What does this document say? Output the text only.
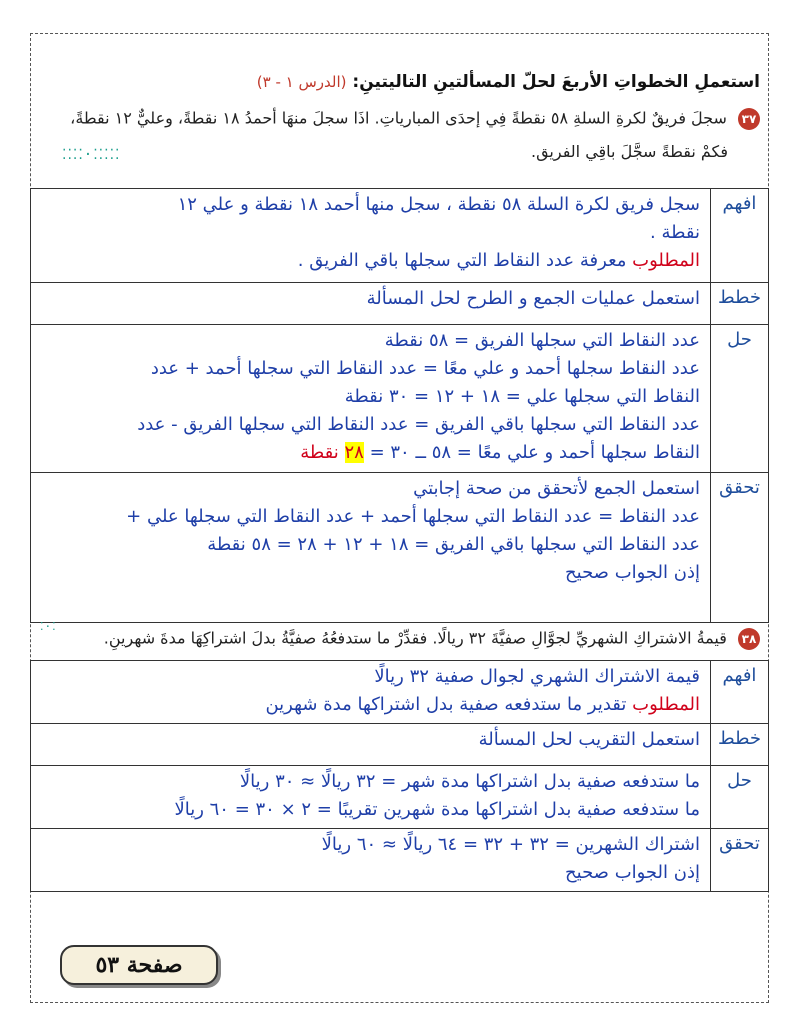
استعملِ الخطواتِ الأربعَ لحلّ المسألتينِ التاليتينِ: (الدرس ١ - ٣)
٣٧ سجلَ فريقٌ لكرةِ السلةِ ٥٨ نقطةً فِي إحدَى المبارياتِ. اذَا سجلَ منهَا أحمدُ ١٨ نقطةً، وعليٌّ ١٢ نقطةً،
فكمْ نقطةً سجَّلَ باقِي الفريق.
⁚⁚⁚⁚⁚·⁚⁚⁚⁚
افهم	سجل فريق لكرة السلة ٥٨ نقطة ، سجل منها أحمد ١٨ نقطة و علي ١٢
نقطة .
المطلوب معرفة عدد النقاط التي سجلها باقي الفريق .

خطط	استعمل عمليات الجمع و الطرح لحل المسألة
حل	عدد النقاط التي سجلها الفريق = ٥٨ نقطة
عدد النقاط سجلها أحمد و علي معًا = عدد النقاط التي سجلها أحمد + عدد
النقاط التي سجلها علي = ١٨ + ١٢ = ٣٠ نقطة
عدد النقاط التي سجلها باقي الفريق = عدد النقاط التي سجلها الفريق - عدد
النقاط سجلها أحمد و علي معًا = ٥٨ ــ ٣٠ = ٢٨ نقطة

تحقق	استعمل الجمع لأتحقق من صحة إجابتي
عدد النقاط = عدد النقاط التي سجلها أحمد + عدد النقاط التي سجلها علي +
عدد النقاط التي سجلها باقي الفريق = ١٨ + ١٢ + ٢٨ = ٥٨ نقطة
إذن الجواب صحيح
٣٨ قيمةُ الاشتراكِ الشهريِّ لجوَّالِ صفيَّةَ ٣٢ ريالًا. فقدِّرْ ما ستدفعُهُ صفيَّةُ بدلَ اشتراكِهَا مدةَ شهرينِ.
⁚·⁚
افهم	قيمة الاشتراك الشهري لجوال صفية ٣٢ ريالًا
المطلوب تقدير ما ستدفعه صفية بدل اشتراكها مدة شهرين

خطط	استعمل التقريب لحل المسألة
حل	ما ستدفعه صفية بدل اشتراكها مدة شهر = ٣٢ ريالًا ≈ ٣٠ ريالًا
ما ستدفعه صفية بدل اشتراكها مدة شهرين تقريبًا = ٢ × ٣٠ = ٦٠ ريالًا

تحقق	اشتراك الشهرين = ٣٢ + ٣٢ = ٦٤ ريالًا ≈ ٦٠ ريالًا
إذن الجواب صحيح

صفحة ٥٣
